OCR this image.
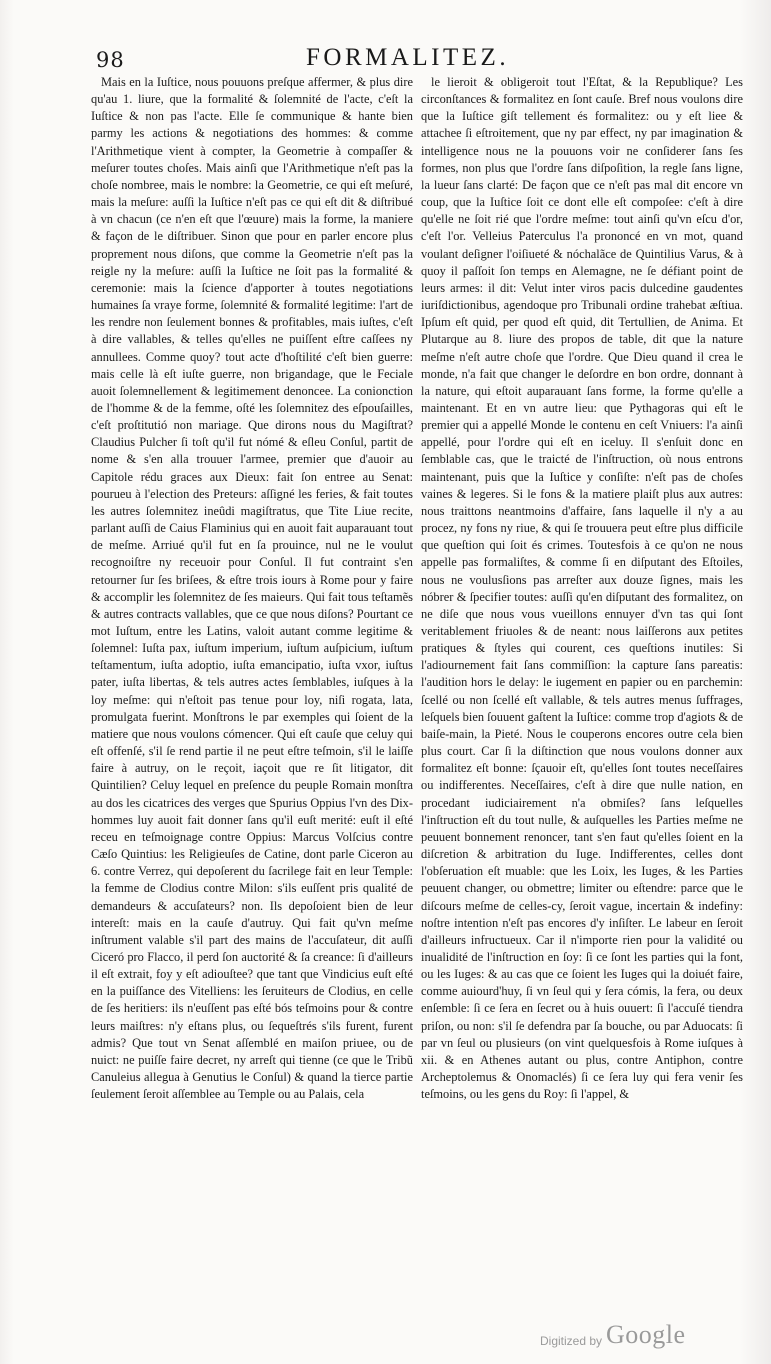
98	FORMALITEZ.

Mais en la Iuſtice, nous pouuons preſque affermer, & plus dire qu'au 1. liure, que la formalité & ſolemnité de l'acte, c'eſt la Iuſtice & non pas l'acte. Elle ſe communique & hante bien parmy les actions & negotiations des hommes: & comme l'Arithmetique vient à compter, la Geometrie à compaſſer & meſurer toutes choſes. Mais ainſi que l'Arithmetique n'eſt pas la choſe nombree, mais le nombre: la Geometrie, ce qui eſt meſuré, mais la meſure: auſſi la Iuſtice n'eſt pas ce qui eſt dit & diſtribué à vn chacun (ce n'en eſt que l'œuure) mais la forme, la maniere & façon de le diſtribuer. Sinon que pour en parler encore plus proprement nous diſons, que comme la Geometrie n'eſt pas la reigle ny la meſure: auſſi la Iuſtice ne ſoit pas la formalité & ceremonie: mais la ſcience d'apporter à toutes negotiations humaines ſa vraye forme, ſolemnité & formalité legitime: l'art de les rendre non ſeulement bonnes & profitables, mais iuſtes, c'eſt à dire vallables, & telles qu'elles ne puiſſent eſtre caſſees ny annullees. Comme quoy? tout acte d'hoſtilité c'eſt bien guerre: mais celle là eſt iuſte guerre, non brigandage, que le Feciale auoit ſolemnellement & legitimement denoncee. La conionction de l'homme & de la femme, oſté les ſolemnitez des eſpouſailles, c'eſt proſtitutió non mariage. Que dirons nous du Magiſtrat? Claudius Pulcher ſi toſt qu'il fut nómé & eſleu Conſul, partit de nome & s'en alla trouuer l'armee, premier que d'auoir au Capitole rédu graces aux Dieux: fait ſon entree au Senat: pourueu à l'election des Preteurs: aſſigné les feries, & fait toutes les autres ſolemnitez ineûdi magiſtratus, que Tite Liue recite, parlant auſſi de Caius Flaminius qui en auoit fait auparauant tout de meſme. Arriué qu'il fut en ſa prouince, nul ne le voulut recognoiſtre ny receuoir pour Conſul. Il fut contraint s'en retourner ſur ſes briſees, & eſtre trois iours à Rome pour y faire & accomplir les ſolemnitez de ſes maieurs. Qui fait tous teſtamẽs & autres contracts vallables, que ce que nous diſons? Pourtant ce mot Iuſtum, entre les Latins, valoit autant comme legitime & ſolemnel: Iuſta pax, iuſtum imperium, iuſtum auſpicium, iuſtum teſtamentum, iuſta adoptio, iuſta emancipatio, iuſta vxor, iuſtus pater, iuſta libertas, & tels autres actes ſemblables, iuſques à la loy meſme: qui n'eſtoit pas tenue pour loy, niſi rogata, lata, promulgata fuerint. Monſtrons le par exemples qui ſoient de la matiere que nous voulons cómencer. Qui eſt cauſe que celuy qui eſt offenſé, s'il ſe rend partie il ne peut eſtre teſmoin, s'il le laiſſe faire à autruy, on le reçoit, iaçoit que re ſit litigator, dit Quintilien? Celuy lequel en preſence du peuple Romain monſtra au dos les cicatrices des verges que Spurius Oppius l'vn des Dix-hommes luy auoit fait donner ſans qu'il euſt merité: euſt il eſté receu en teſmoignage contre Oppius: Marcus Volſcius contre Cæſo Quintius: les Religieuſes de Catine, dont parle Ciceron au 6. contre Verrez, qui depoſerent du ſacrilege fait en leur Temple: la femme de Clodius contre Milon: s'ils euſſent pris qualité de demandeurs & accuſateurs? non. Ils depoſoient bien de leur intereſt: mais en la cauſe d'autruy. Qui fait qu'vn meſme inſtrument valable s'il part des mains de l'accuſateur, dit auſſi Ciceró pro Flacco, il perd ſon auctorité & ſa creance: ſi d'ailleurs il eſt extrait, foy y eſt adiouſtee? que tant que Vindicius euſt eſté en la puiſſance des Vitelliens: les ſeruiteurs de Clodius, en celle de ſes heritiers: ils n'euſſent pas eſté bós teſmoins pour & contre leurs maiſtres: n'y eſtans plus, ou ſequeſtrés s'ils furent, furent admis? Que tout vn Senat aſſemblé en maiſon priuee, ou de nuict: ne puiſſe faire decret, ny arreſt qui tienne (ce que le Tribũ Canuleius allegua à Genutius le Conſul) & quand la tierce partie ſeulement ſeroit aſſemblee au Temple ou au Palais, cela

le lieroit & obligeroit tout l'Eſtat, & la Republique? Les circonſtances & formalitez en ſont cauſe. Bref nous voulons dire que la Iuſtice giſt tellement és formalitez: ou y eſt liee & attachee ſi eſtroitement, que ny par effect, ny par imagination & intelligence nous ne la pouuons voir ne conſiderer ſans ſes formes, non plus que l'ordre ſans diſpoſition, la regle ſans ligne, la lueur ſans clarté: De façon que ce n'eſt pas mal dit encore vn coup, que la Iuſtice ſoit ce dont elle eſt compoſee: c'eſt à dire qu'elle ne ſoit rié que l'ordre meſme: tout ainſi qu'vn eſcu d'or, c'eſt l'or. Velleius Paterculus l'a prononcé en vn mot, quand voulant deſigner l'oiſiueté & nóchalãce de Quintilius Varus, & à quoy il paſſoit ſon temps en Alemagne, ne ſe défiant point de leurs armes: il dit: Velut inter viros pacis dulcedine gaudentes iuriſdictionibus, agendoque pro Tribunali ordine trahebat æſtiua. Ipſum eſt quid, per quod eſt quid, dit Tertullien, de Anima. Et Plutarque au 8. liure des propos de table, dit que la nature meſme n'eſt autre choſe que l'ordre. Que Dieu quand il crea le monde, n'a fait que changer le deſordre en bon ordre, donnant à la nature, qui eſtoit auparauant ſans forme, la forme qu'elle a maintenant. Et en vn autre lieu: que Pythagoras qui eſt le premier qui a appellé Monde le contenu en ceſt Vniuers: l'a ainſi appellé, pour l'ordre qui eſt en iceluy. Il s'enſuit donc en ſemblable cas, que le traicté de l'inſtruction, où nous entrons maintenant, puis que la Iuſtice y conſiſte: n'eſt pas de choſes vaines & legeres. Si le fons & la matiere plaiſt plus aux autres: nous traittons neantmoins d'affaire, ſans laquelle il n'y a au procez, ny fons ny riue, & qui ſe trouuera peut eſtre plus difficile que queſtion qui ſoit és crimes. Toutesfois à ce qu'on ne nous appelle pas formaliſtes, & comme ſi en diſputant des Eſtoiles, nous ne voulusſions pas arreſter aux douze ſignes, mais les nóbrer & ſpecifier toutes: auſſi qu'en diſputant des formalitez, on ne diſe que nous vous vueillons ennuyer d'vn tas qui ſont veritablement friuoles & de neant: nous laiſſerons aux petites pratiques & ſtyles qui courent, ces queſtions inutiles: Si l'adiournement fait ſans commiſſion: la capture ſans pareatis: l'audition hors le delay: le iugement en papier ou en parchemin: ſcellé ou non ſcellé eſt vallable, & tels autres menus ſuffrages, leſquels bien ſouuent gaſtent la Iuſtice: comme trop d'agiots & de baiſe-main, la Pieté. Nous le couperons encores outre cela bien plus court. Car ſi la diſtinction que nous voulons donner aux formalitez eſt bonne: ſçauoir eſt, qu'elles ſont toutes neceſſaires ou indifferentes. Neceſſaires, c'eſt à dire que nulle nation, en procedant iudiciairement n'a obmiſes? ſans leſquelles l'inſtruction eſt du tout nulle, & auſquelles les Parties meſme ne peuuent bonnement renoncer, tant s'en faut qu'elles ſoient en la diſcretion & arbitration du Iuge. Indifferentes, celles dont l'obſeruation eſt muable: que les Loix, les Iuges, & les Parties peuuent changer, ou obmettre; limiter ou eſtendre: parce que le diſcours meſme de celles-cy, ſeroit vague, incertain & indefiny: noſtre intention n'eſt pas encores d'y inſiſter. Le labeur en ſeroit d'ailleurs infructueux. Car il n'importe rien pour la validité ou inualidité de l'inſtruction en ſoy: ſi ce ſont les parties qui la font, ou les Iuges: & au cas que ce ſoient les Iuges qui la doiuét faire, comme auiourd'huy, ſi vn ſeul qui y ſera cómis, la fera, ou deux enſemble: ſi ce ſera en ſecret ou à huis ouuert: ſi l'accuſé tiendra priſon, ou non: s'il ſe defendra par ſa bouche, ou par Aduocats: ſi par vn ſeul ou plusieurs (on vint quelquesfois à Rome iuſques à xii. & en Athenes autant ou plus, contre Antiphon, contre Archeptolemus & Onomaclés) ſi ce ſera luy qui fera venir ſes teſmoins, ou les gens du Roy: ſi l'appel, &

Digitized by Google
